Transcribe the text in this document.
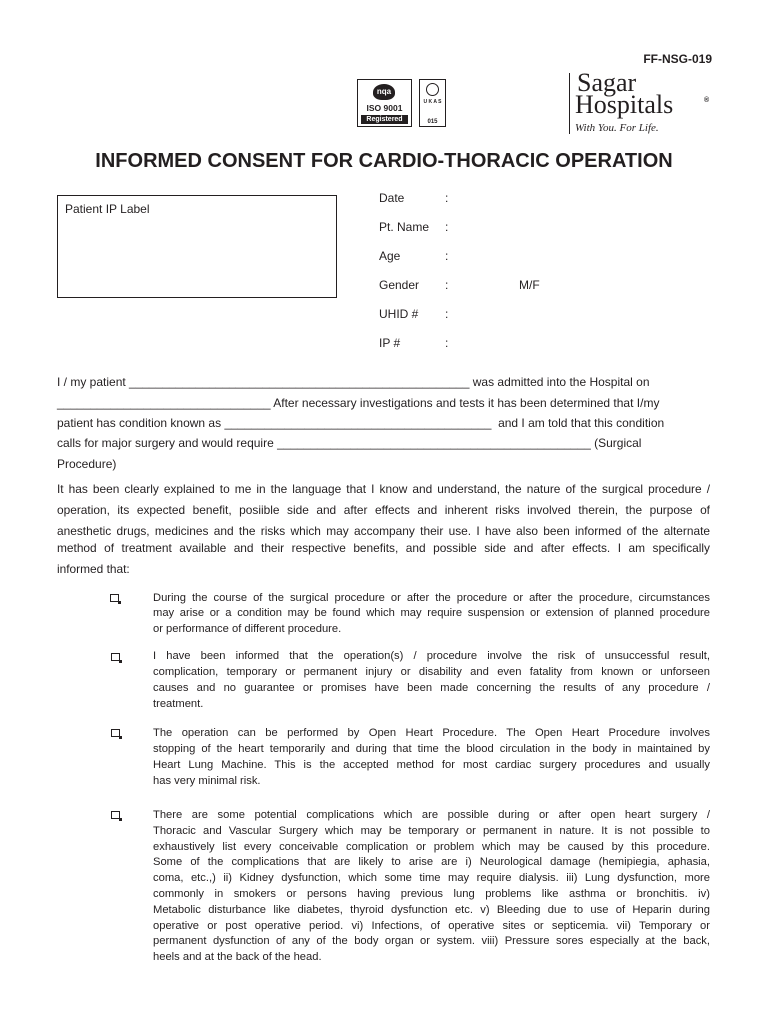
FF-NSG-019
nqa
ISO 9001
Registered
U K A S
015
Sagar
Hospitals	®
With You. For Life.
INFORMED CONSENT FOR CARDIO-THORACIC OPERATION
Patient IP Label
Date	:
Pt. Name :
Age	:
Gender :	M/F
UHID # :
IP #	:
I / my patient ___________________________________________________ was admitted into the Hospital on
________________________________ After necessary investigations and tests it has been determined that I/my
patient has condition known as ________________________________________  and I am told that this condition
calls for major surgery and would require _______________________________________________ (Surgical
Procedure)
It has been clearly explained to me in the language that I know and understand, the nature of the surgical procedure /
operation, its expected benefit, posiible side and after effects and inherent risks involved therein, the purpose of
anesthetic drugs, medicines and the risks which may accompany their use. I have also been informed of the alternate
method of treatment available and their respective benefits, and possible side and after effects. I am specifically
informed that:
During the course of the surgical procedure or after the procedure or after the procedure, circumstances
may arise or a condition may be found which may require suspension or extension of planned procedure
or performance of different procedure.
I have been informed that the operation(s) / procedure involve the risk of unsuccessful result,
complication, temporary or permanent injury or disability and even fatality from known or unforseen
causes and no guarantee or promises have been made concerning the results of any procedure /
treatment.
The operation can be performed by Open Heart Procedure. The Open Heart Procedure involves
stopping of the heart temporarily and during that time the blood circulation in the body in maintained by
Heart Lung Machine. This is the accepted method for most cardiac surgery procedures and usually
has very minimal risk.
There are some potential complications which are possible during or after open heart surgery /
Thoracic and Vascular Surgery which may be temporary or permanent in nature. It is not possible to
exhaustively list every conceivable complication or problem which may be caused by this procedure.
Some of the complications that are likely to arise are i) Neurological damage (hemipiegia, aphasia,
coma, etc.,) ii) Kidney dysfunction, which some time may require dialysis. iii) Lung dysfunction, more
commonly in smokers or persons having previous lung problems like asthma or bronchitis. iv)
Metabolic disturbance like diabetes, thyroid dysfunction etc. v) Bleeding due to use of Heparin during
operative or post operative period. vi) Infections, of operative sites or septicemia. vii) Temporary or
permanent dysfunction of any of the body organ or system. viii) Pressure sores especially at the back,
heels and at the back of the head.
